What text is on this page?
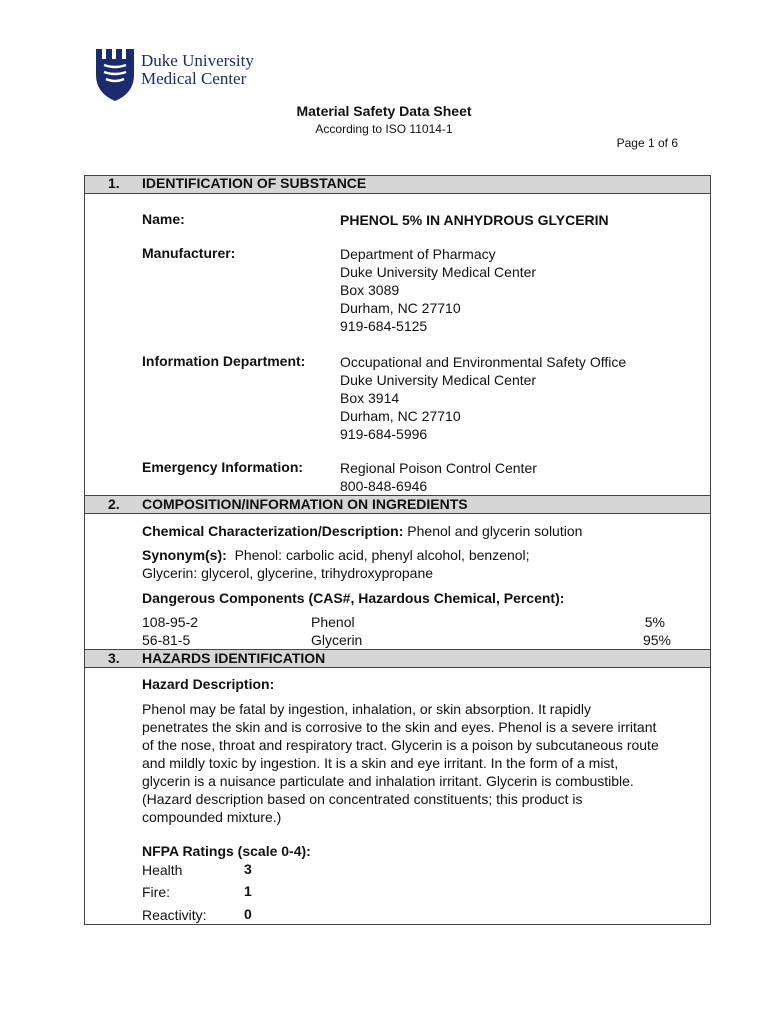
Duke University
Medical Center
Material Safety Data Sheet
According to ISO 11014-1
Page 1 of 6
1. IDENTIFICATION OF SUBSTANCE
Name:	PHENOL 5% IN ANHYDROUS GLYCERIN
Manufacturer:	Department of Pharmacy
Duke University Medical Center
Box 3089
Durham, NC 27710
919-684-5125
Information Department: Occupational and Environmental Safety Office
Duke University Medical Center
Box 3914
Durham, NC 27710
919-684-5996
Emergency Information:	Regional Poison Control Center
800-848-6946
2. COMPOSITION/INFORMATION ON INGREDIENTS
Chemical Characterization/Description: Phenol and glycerin solution
Synonym(s):  Phenol: carbolic acid, phenyl alcohol, benzenol;
Glycerin: glycerol, glycerine, trihydroxypropane
Dangerous Components (CAS#, Hazardous Chemical, Percent):
108-95-2	Phenol	5%
56-81-5	Glycerin	95%
3. HAZARDS IDENTIFICATION
Hazard Description:
Phenol may be fatal by ingestion, inhalation, or skin absorption. It rapidly
penetrates the skin and is corrosive to the skin and eyes. Phenol is a severe irritant
of the nose, throat and respiratory tract. Glycerin is a poison by subcutaneous route
and mildly toxic by ingestion. It is a skin and eye irritant. In the form of a mist,
glycerin is a nuisance particulate and inhalation irritant. Glycerin is combustible.
(Hazard description based on concentrated constituents; this product is
compounded mixture.)
NFPA Ratings (scale 0-4):
Health	3
Fire:	1
Reactivity:	0
